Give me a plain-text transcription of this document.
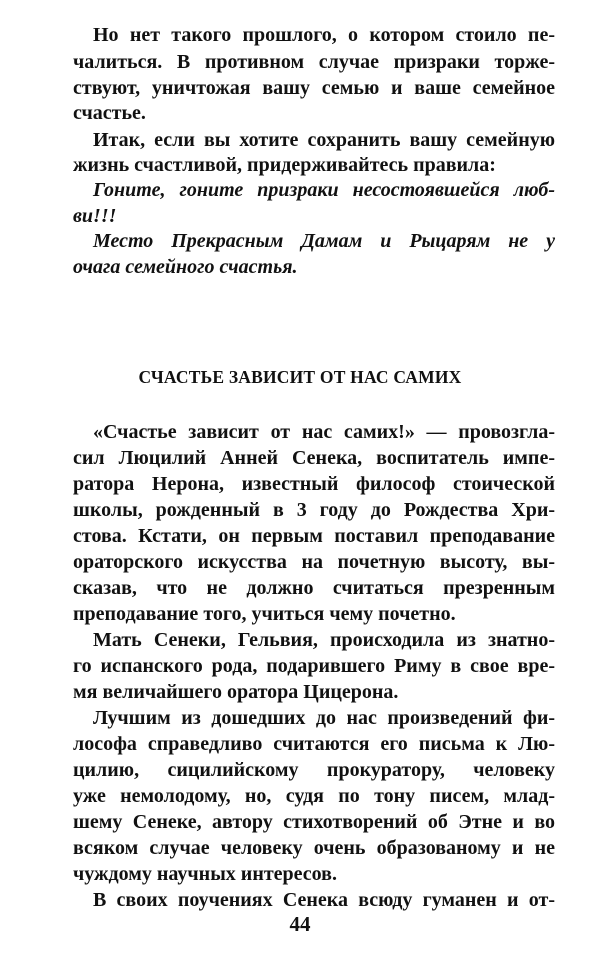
Но нет такого прошлого, о котором стоило пе-
чалиться. В противном случае призраки торже-
ствуют, уничтожая вашу семью и ваше семейное
счастье.
Итак, если вы хотите сохранить вашу семейную
жизнь счастливой, придерживайтесь правила:
Гоните, гоните призраки несостоявшейся люб-
ви!!!
Место Прекрасным Дамам и Рыцарям не у
очага семейного счастья.
СЧАСТЬЕ ЗАВИСИТ ОТ НАС САМИХ
«Счастье зависит от нас самих!» — провозгла-
сил Люцилий Анней Сенека, воспитатель импе-
ратора Нерона, известный философ стоической
школы, рожденный в 3 году до Рождества Хри-
стова. Кстати, он первым поставил преподавание
ораторского искусства на почетную высоту, вы-
сказав, что не должно считаться презренным
преподавание того, учиться чему почетно.
Мать Сенеки, Гельвия, происходила из знатно-
го испанского рода, подарившего Риму в свое вре-
мя величайшего оратора Цицерона.
Лучшим из дошедших до нас произведений фи-
лософа справедливо считаются его письма к Лю-
цилию, сицилийскому прокуратору, человеку
уже немолодому, но, судя по тону писем, млад-
шему Сенеке, автору стихотворений об Этне и во
всяком случае человеку очень образованому и не
чуждому научных интересов.
В своих поучениях Сенека всюду гуманен и от-
44
